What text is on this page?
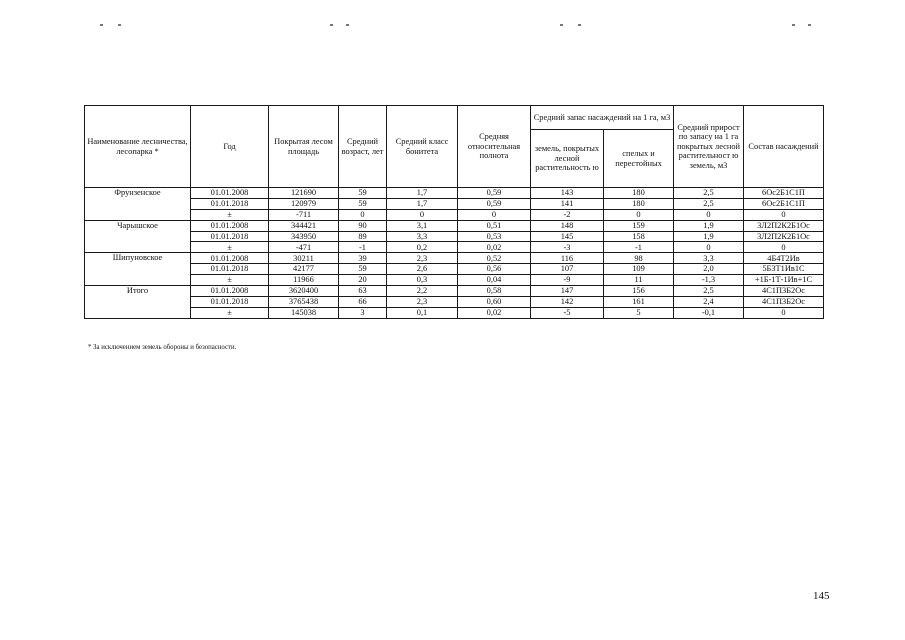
Наименование лесничества, лесопарка *	Год	Покрытая лесом площадь	Средний возраст, лет	Средний класс бонитета	Средняя относительная полнота	Средний запас насаждений на 1 га, м3		Средний прирост по запасу на 1 га покрытых лесной растительност ю земель, м3	Состав насаждений
						земель, покрытых лесной растительность ю	спелых и перестойных		
Фрунзенское	01.01.2008	121690	59	1,7	0,59	143	180	2,5	6Ос2Б1С1П
	01.01.2018	120979	59	1,7	0,59	141	180	2,5	6Ос2Б1С1П
	±	-711	0	0	0	-2	0	0	0
Чарышское	01.01.2008	344421	90	3,1	0,51	148	159	1,9	3Л2П2К2Б1Ос
	01.01.2018	343950	89	3,3	0,53	145	158	1,9	3Л2П2К2Б1Ос
	±	-471	-1	0,2	0,02	-3	-1	0	0
Шипуновское	01.01.2008	30211	39	2,3	0,52	116	98	3,3	4Б4Т2Ив
	01.01.2018	42177	59	2,6	0,56	107	109	2,0	5Б3Т1Ив1С
	±	11966	20	0,3	0,04	-9	11	-1,3	+1Б-1Т-1Ив+1С
Итого	01.01.2008	3620400	63	2,2	0,58	147	156	2,5	4С1П3Б2Ос
	01.01.2018	3765438	66	2,3	0,60	142	161	2,4	4С1П3Б2Ос
	±	145038	3	0,1	0,02	-5	5	-0,1	0
* За исключением земель обороны и безопасности.
145
